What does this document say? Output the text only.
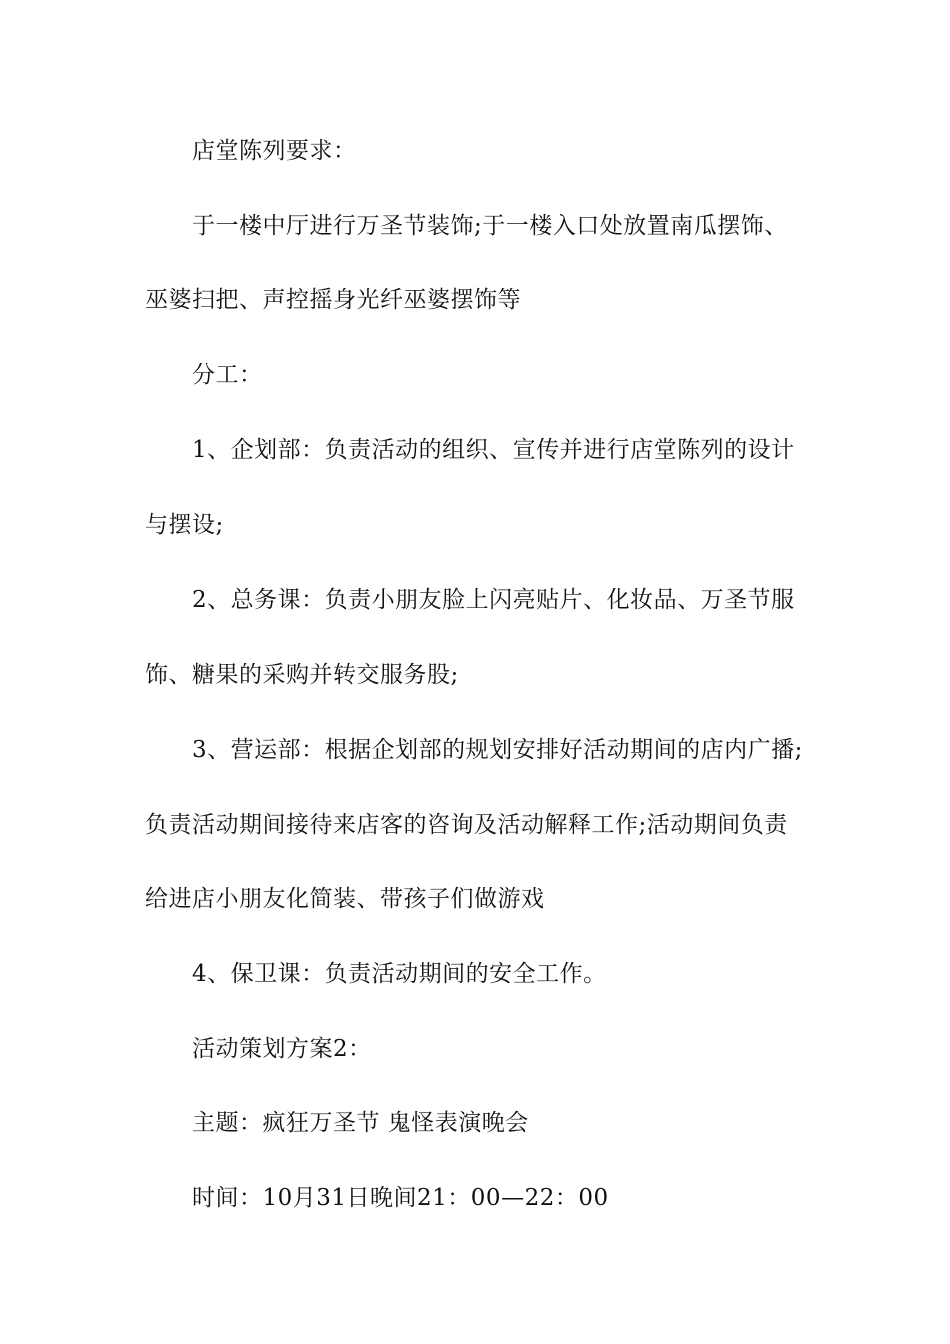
店堂陈列要求：
于一楼中厅进行万圣节装饰;于一楼入口处放置南瓜摆饰、
巫婆扫把、声控摇身光纤巫婆摆饰等
分工：
1、企划部：负责活动的组织、宣传并进行店堂陈列的设计
与摆设;
2、总务课：负责小朋友脸上闪亮贴片、化妆品、万圣节服
饰、糖果的采购并转交服务股;
3、营运部：根据企划部的规划安排好活动期间的店内广播;
负责活动期间接待来店客的咨询及活动解释工作;活动期间负责
给进店小朋友化简装、带孩子们做游戏
4、保卫课：负责活动期间的安全工作。
活动策划方案2：
主题：疯狂万圣节 鬼怪表演晚会
时间：10月31日晚间21：00—22：00
